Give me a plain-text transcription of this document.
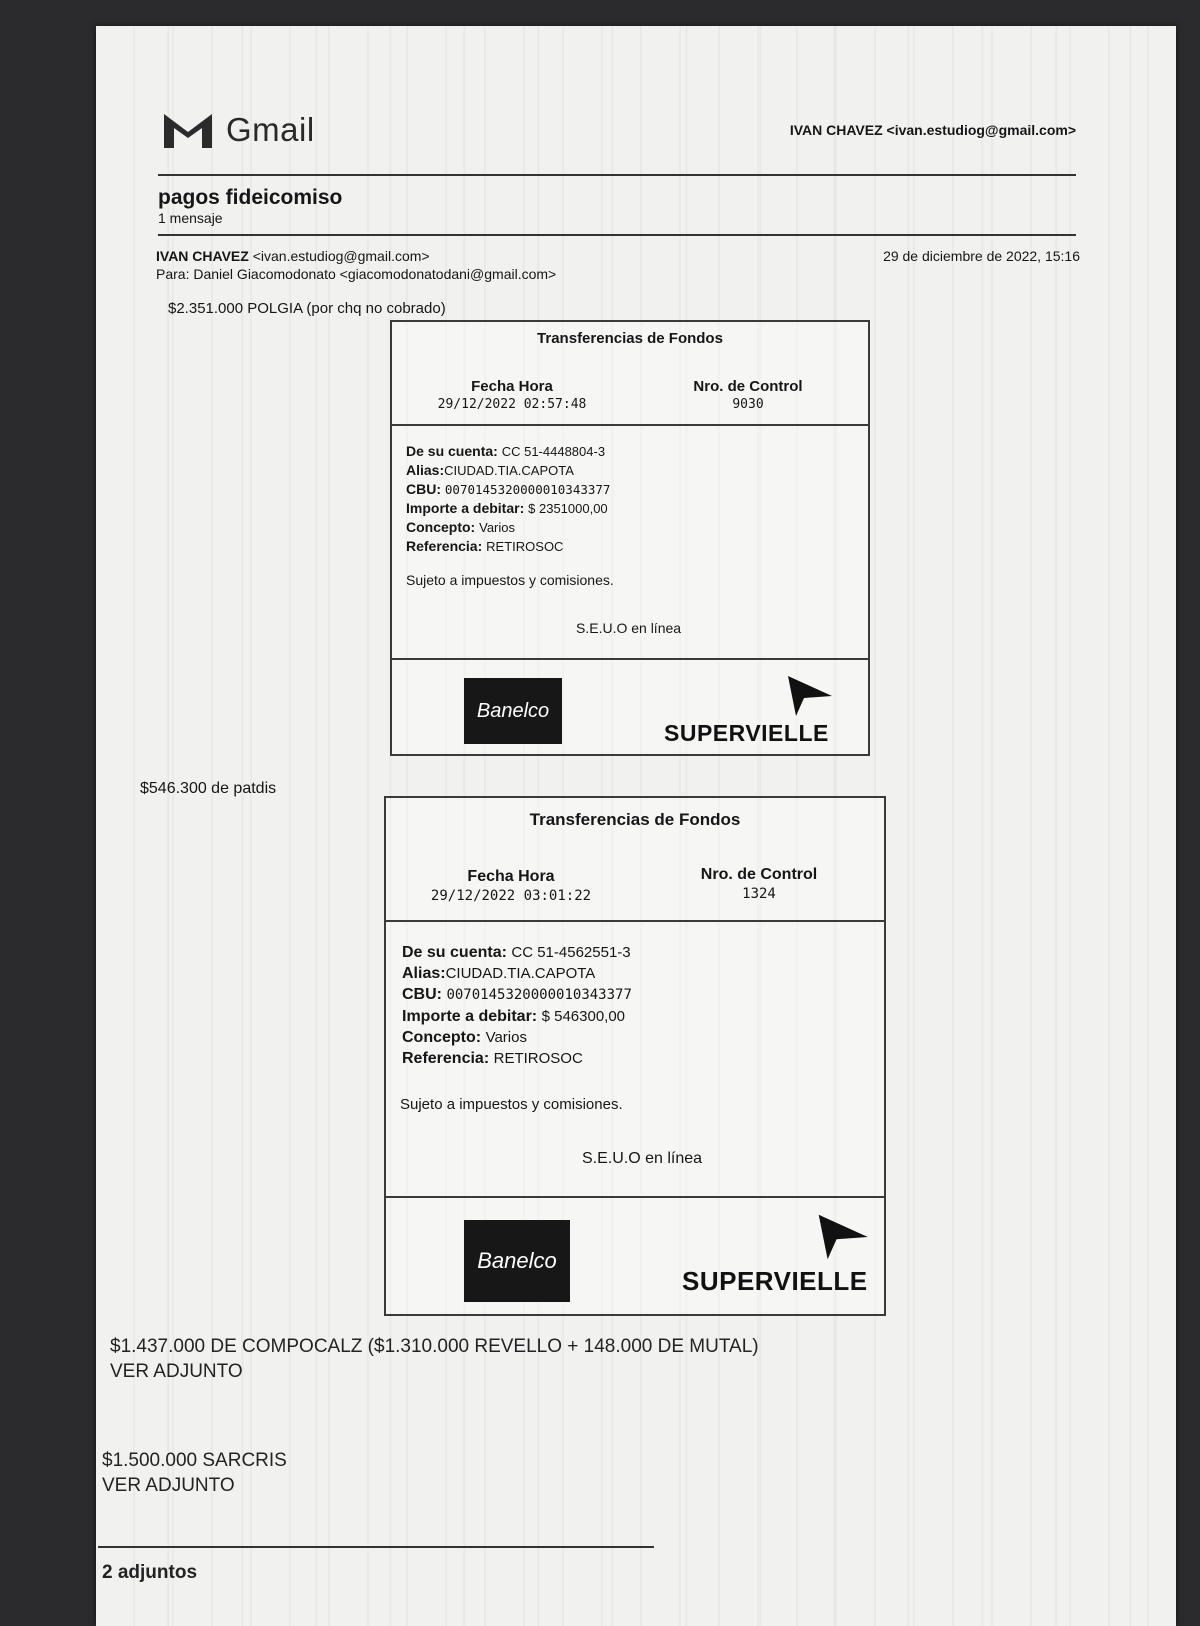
Gmail	IVAN CHAVEZ <ivan.estudiog@gmail.com>
pagos fideicomiso
1 mensaje
IVAN CHAVEZ <ivan.estudiog@gmail.com>	29 de diciembre de 2022, 15:16
Para: Daniel Giacomodonato <giacomodonatodani@gmail.com>
$2.351.000 POLGIA (por chq no cobrado)
Transferencias de Fondos
Fecha Hora
29/12/2022 02:57:48
Nro. de Control
9030
De su cuenta: CC 51-4448804-3
Alias:CIUDAD.TIA.CAPOTA
CBU: 0070145320000010343377
Importe a debitar: $ 2351000,00
Concepto: Varios
Referencia: RETIROSOC
Sujeto a impuestos y comisiones.
S.E.U.O en línea
Banelco
SUPERVIELLE
$546.300 de patdis
Transferencias de Fondos
Fecha Hora
29/12/2022 03:01:22
Nro. de Control
1324
De su cuenta: CC 51-4562551-3
Alias:CIUDAD.TIA.CAPOTA
CBU: 0070145320000010343377
Importe a debitar: $ 546300,00
Concepto: Varios
Referencia: RETIROSOC
Sujeto a impuestos y comisiones.
S.E.U.O en línea
Banelco
SUPERVIELLE
$1.437.000 DE COMPOCALZ ($1.310.000 REVELLO + 148.000 DE MUTAL)
VER ADJUNTO
$1.500.000 SARCRIS
VER ADJUNTO
2 adjuntos
